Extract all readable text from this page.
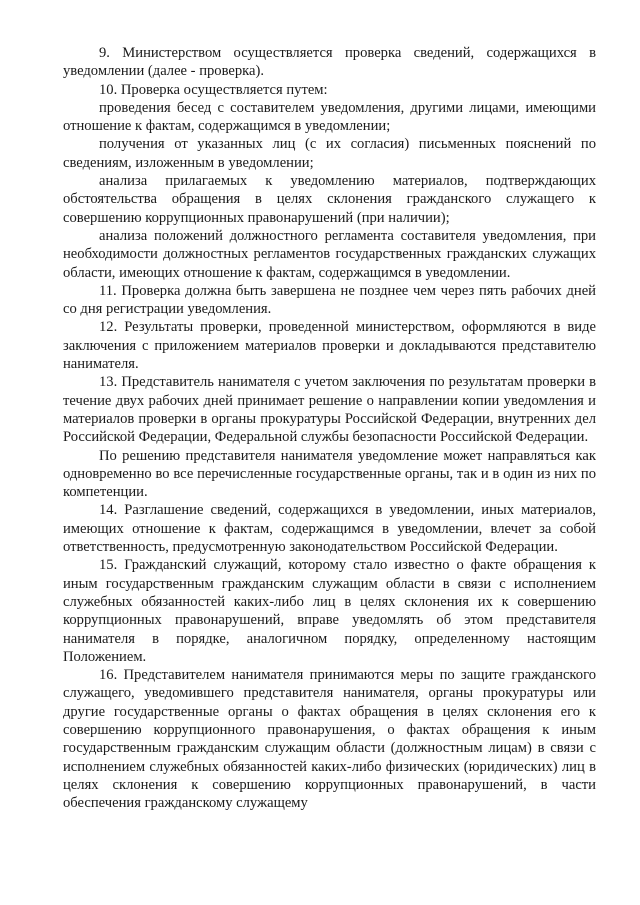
9. Министерством осуществляется проверка сведений, содержащихся в уведомлении (далее - проверка).

10. Проверка осуществляется путем:

проведения бесед с составителем уведомления, другими лицами, имеющими отношение к фактам, содержащимся в уведомлении;

получения от указанных лиц (с их согласия) письменных пояснений по сведениям, изложенным в уведомлении;

анализа прилагаемых к уведомлению материалов, подтверждающих обстоятельства обращения в целях склонения гражданского служащего к совершению коррупционных правонарушений (при наличии);

анализа положений должностного регламента составителя уведомления, при необходимости должностных регламентов государственных гражданских служащих области, имеющих отношение к фактам, содержащимся в уведомлении.

11. Проверка должна быть завершена не позднее чем через пять рабочих дней со дня регистрации уведомления.

12. Результаты проверки, проведенной министерством, оформляются в виде заключения с приложением материалов проверки и докладываются представителю нанимателя.

13. Представитель нанимателя с учетом заключения по результатам проверки в течение двух рабочих дней принимает решение о направлении копии уведомления и материалов проверки в органы прокуратуры Российской Федерации, внутренних дел Российской Федерации, Федеральной службы безопасности Российской Федерации.

По решению представителя нанимателя уведомление может направляться как одновременно во все перечисленные государственные органы, так и в один из них по компетенции.

14. Разглашение сведений, содержащихся в уведомлении, иных материалов, имеющих отношение к фактам, содержащимся в уведомлении, влечет за собой ответственность, предусмотренную законодательством Российской Федерации.

15. Гражданский служащий, которому стало известно о факте обращения к иным государственным гражданским служащим области в связи с исполнением служебных обязанностей каких-либо лиц в целях склонения их к совершению коррупционных правонарушений, вправе уведомлять об этом представителя нанимателя в порядке, аналогичном порядку, определенному настоящим Положением.

16. Представителем нанимателя принимаются меры по защите гражданского служащего, уведомившего представителя нанимателя, органы прокуратуры или другие государственные органы о фактах обращения в целях склонения его к совершению коррупционного правонарушения, о фактах обращения к иным государственным гражданским служащим области (должностным лицам) в связи с исполнением служебных обязанностей каких-либо физических (юридических) лиц в целях склонения к совершению коррупционных правонарушений, в части обеспечения гражданскому служащему
